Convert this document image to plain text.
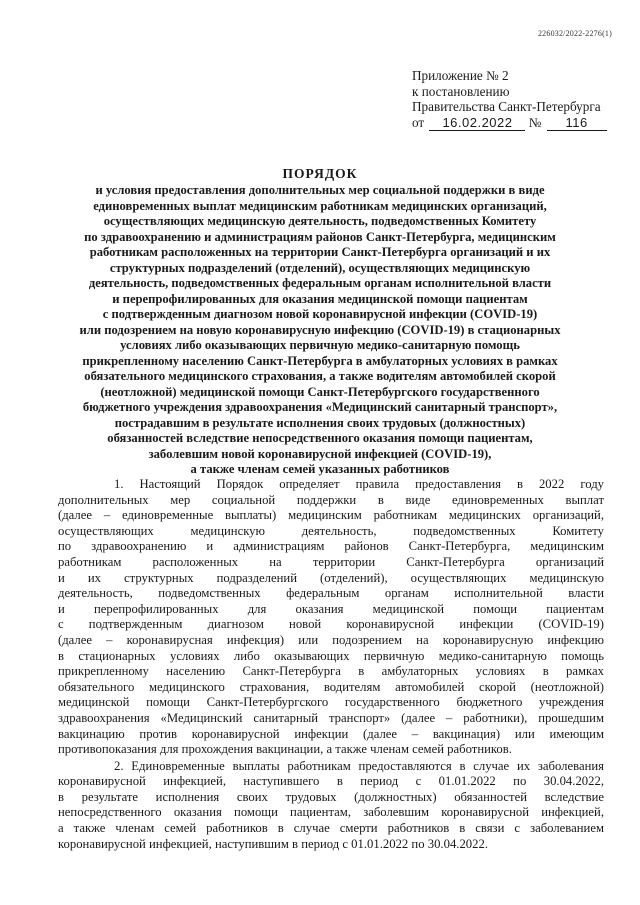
226032/2022-2276(1)
Приложение № 2
к постановлению
Правительства Санкт-Петербурга
от 16.02.2022 № 116
ПОРЯДОК
и условия предоставления дополнительных мер социальной поддержки в виде
единовременных выплат медицинским работникам медицинских организаций,
осуществляющих медицинскую деятельность, подведомственных Комитету
по здравоохранению и администрациям районов Санкт-Петербурга, медицинским
работникам расположенных на территории Санкт-Петербурга организаций и их
структурных подразделений (отделений), осуществляющих медицинскую
деятельность, подведомственных федеральным органам исполнительной власти
и перепрофилированных для оказания медицинской помощи пациентам
с подтвержденным диагнозом новой коронавирусной инфекции (COVID-19)
или подозрением на новую коронавирусную инфекцию (COVID-19) в стационарных
условиях либо оказывающих первичную медико-санитарную помощь
прикрепленному населению Санкт-Петербурга в амбулаторных условиях в рамках
обязательного медицинского страхования, а также водителям автомобилей скорой
(неотложной) медицинской помощи Санкт-Петербургского государственного
бюджетного учреждения здравоохранения «Медицинский санитарный транспорт»,
пострадавшим в результате исполнения своих трудовых (должностных)
обязанностей вследствие непосредственного оказания помощи пациентам,
заболевшим новой коронавирусной инфекцией (COVID-19),
а также членам семей указанных работников
1. Настоящий Порядок определяет правила предоставления в 2022 году
дополнительных мер социальной поддержки в виде единовременных выплат
(далее – единовременные выплаты) медицинским работникам медицинских организаций,
осуществляющих медицинскую деятельность, подведомственных Комитету
по здравоохранению и администрациям районов Санкт-Петербурга, медицинским
работникам расположенных на территории Санкт-Петербурга организаций
и их структурных подразделений (отделений), осуществляющих медицинскую
деятельность, подведомственных федеральным органам исполнительной власти
и перепрофилированных для оказания медицинской помощи пациентам
с подтвержденным диагнозом новой коронавирусной инфекции (COVID-19)
(далее – коронавирусная инфекция) или подозрением на коронавирусную инфекцию
в стационарных условиях либо оказывающих первичную медико-санитарную помощь
прикрепленному населению Санкт-Петербурга в амбулаторных условиях в рамках
обязательного медицинского страхования, водителям автомобилей скорой (неотложной)
медицинской помощи Санкт-Петербургского государственного бюджетного учреждения
здравоохранения «Медицинский санитарный транспорт» (далее – работники), прошедшим
вакцинацию против коронавирусной инфекции (далее – вакцинация) или имеющим
противопоказания для прохождения вакцинации, а также членам семей работников.
2. Единовременные выплаты работникам предоставляются в случае их заболевания
коронавирусной инфекцией, наступившего в период с 01.01.2022 по 30.04.2022,
в результате исполнения своих трудовых (должностных) обязанностей вследствие
непосредственного оказания помощи пациентам, заболевшим коронавирусной инфекцией,
а также членам семей работников в случае смерти работников в связи с заболеванием
коронавирусной инфекцией, наступившим в период с 01.01.2022 по 30.04.2022.
